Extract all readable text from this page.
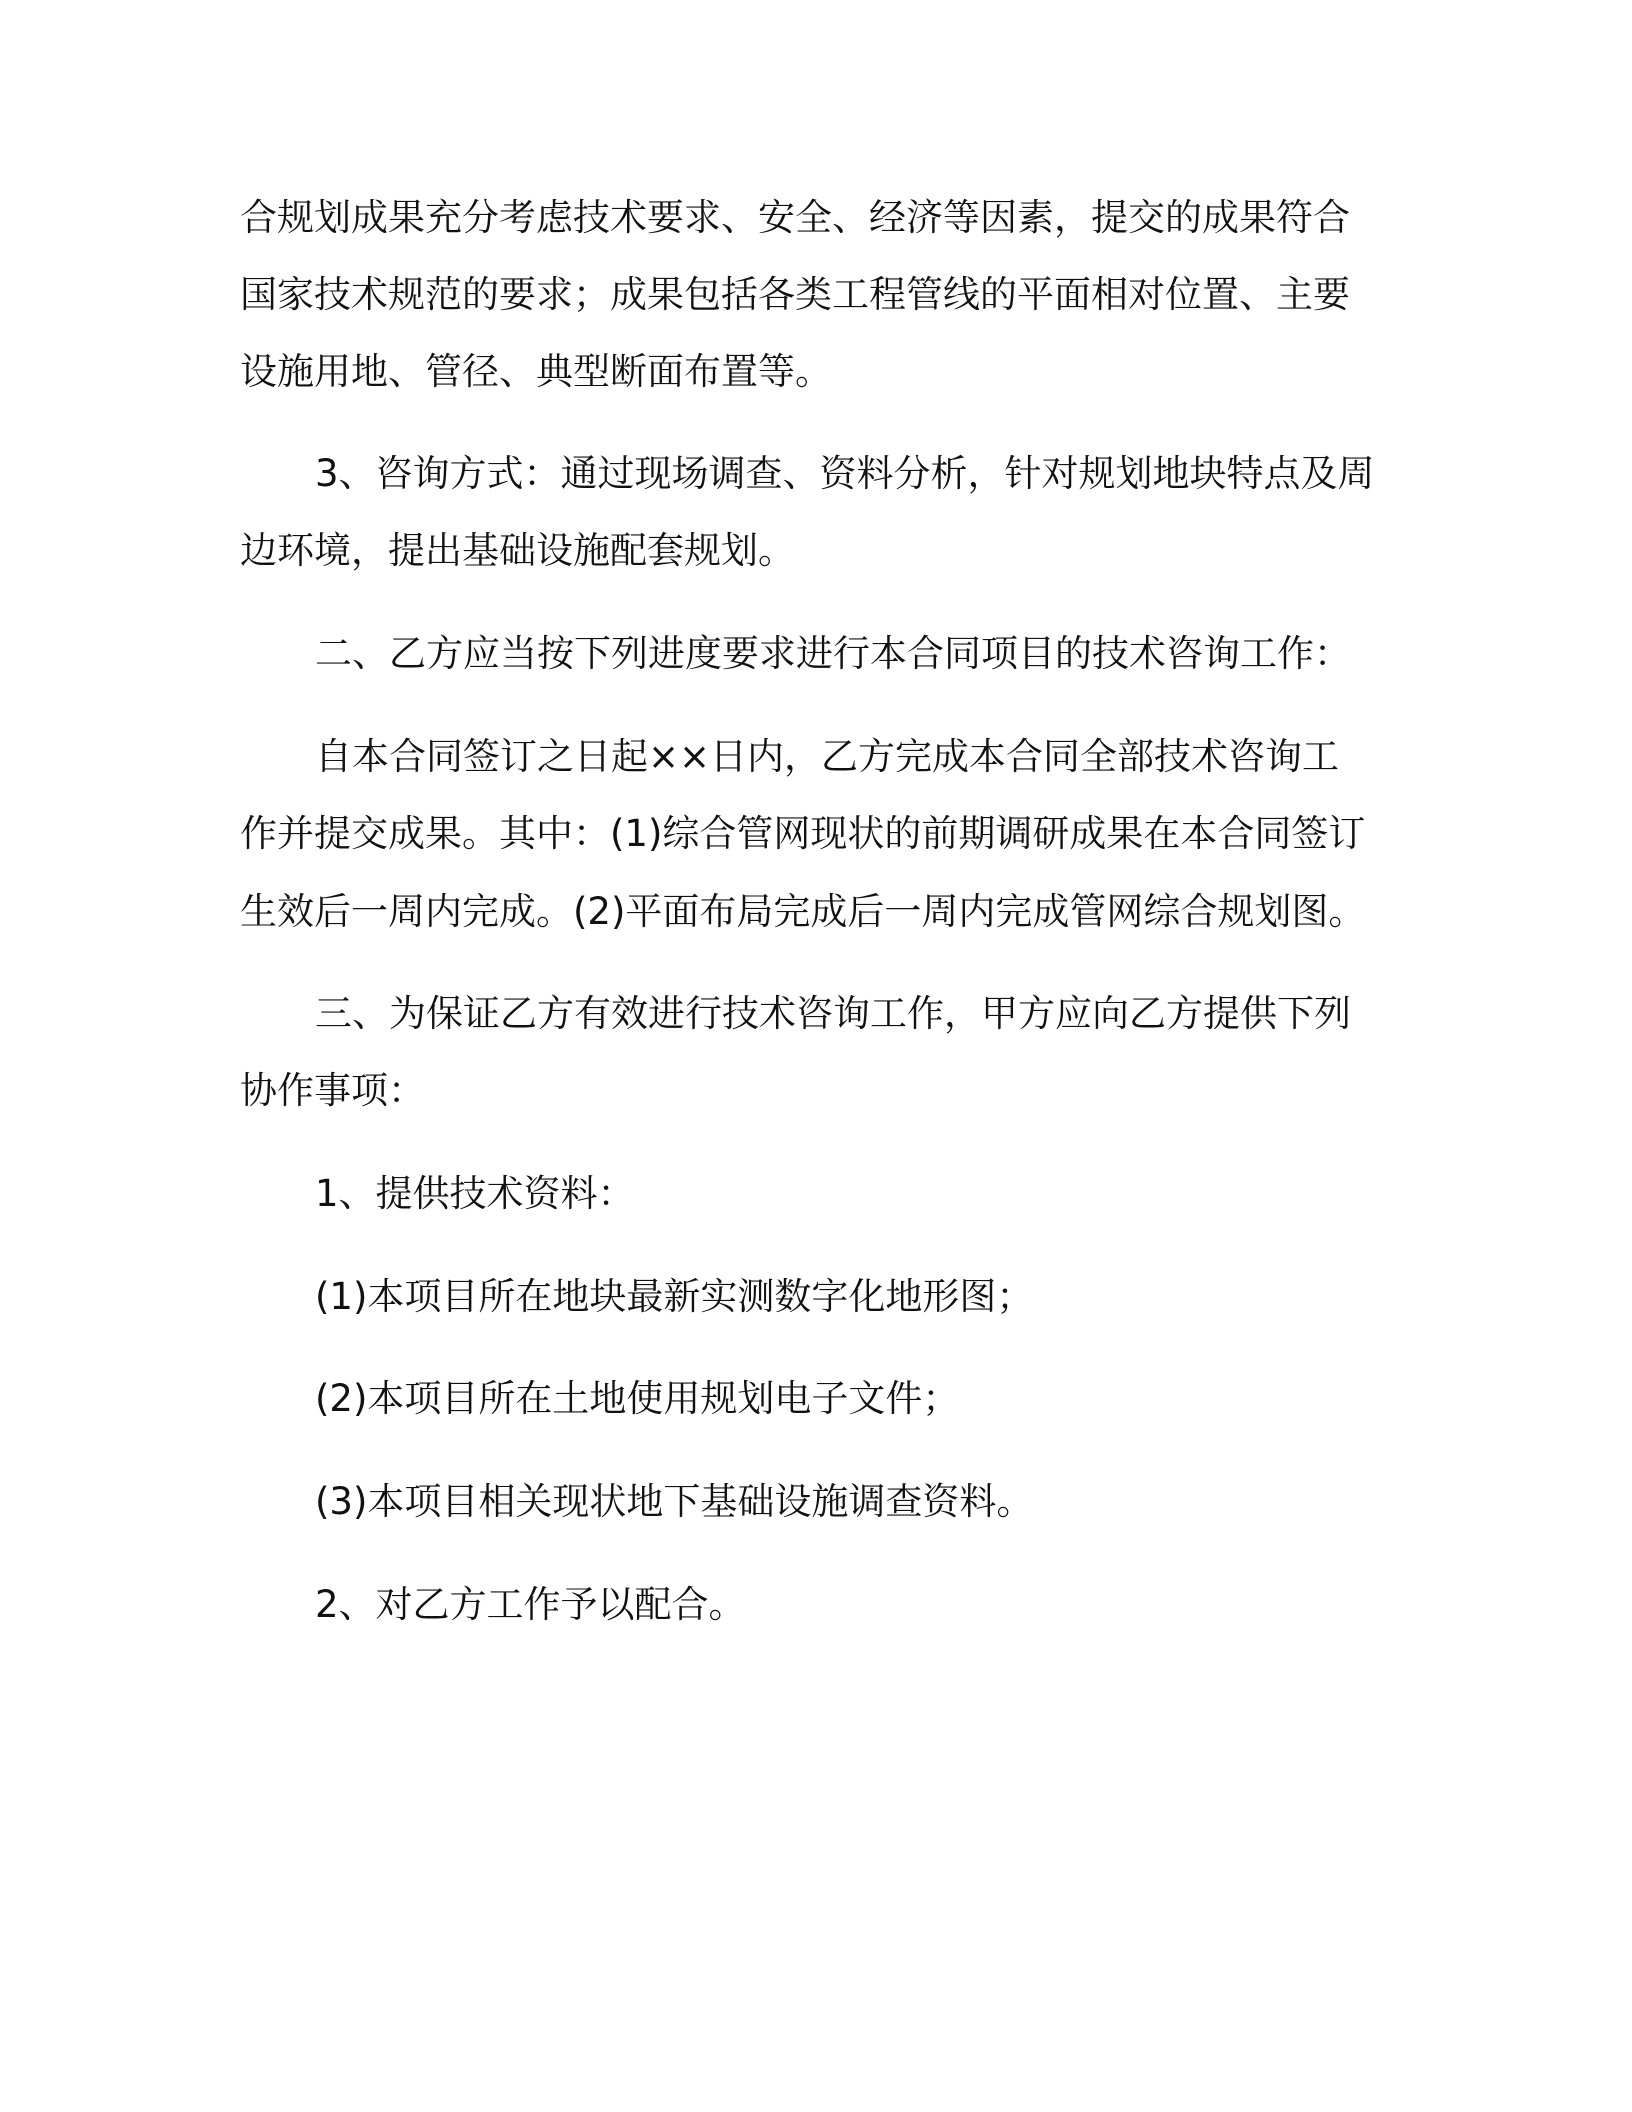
合规划成果充分考虑技术要求、安全、经济等因素，提交的成果符合

国家技术规范的要求；成果包括各类工程管线的平面相对位置、主要

设施用地、管径、典型断面布置等。

3、咨询方式：通过现场调查、资料分析，针对规划地块特点及周

边环境，提出基础设施配套规划。

二、乙方应当按下列进度要求进行本合同项目的技术咨询工作：

自本合同签订之日起××日内，乙方完成本合同全部技术咨询工

作并提交成果。其中：(1)综合管网现状的前期调研成果在本合同签订

生效后一周内完成。(2)平面布局完成后一周内完成管网综合规划图。

三、为保证乙方有效进行技术咨询工作，甲方应向乙方提供下列

协作事项：

1、提供技术资料：

(1)本项目所在地块最新实测数字化地形图；

(2)本项目所在土地使用规划电子文件；

(3)本项目相关现状地下基础设施调查资料。

2、对乙方工作予以配合。
